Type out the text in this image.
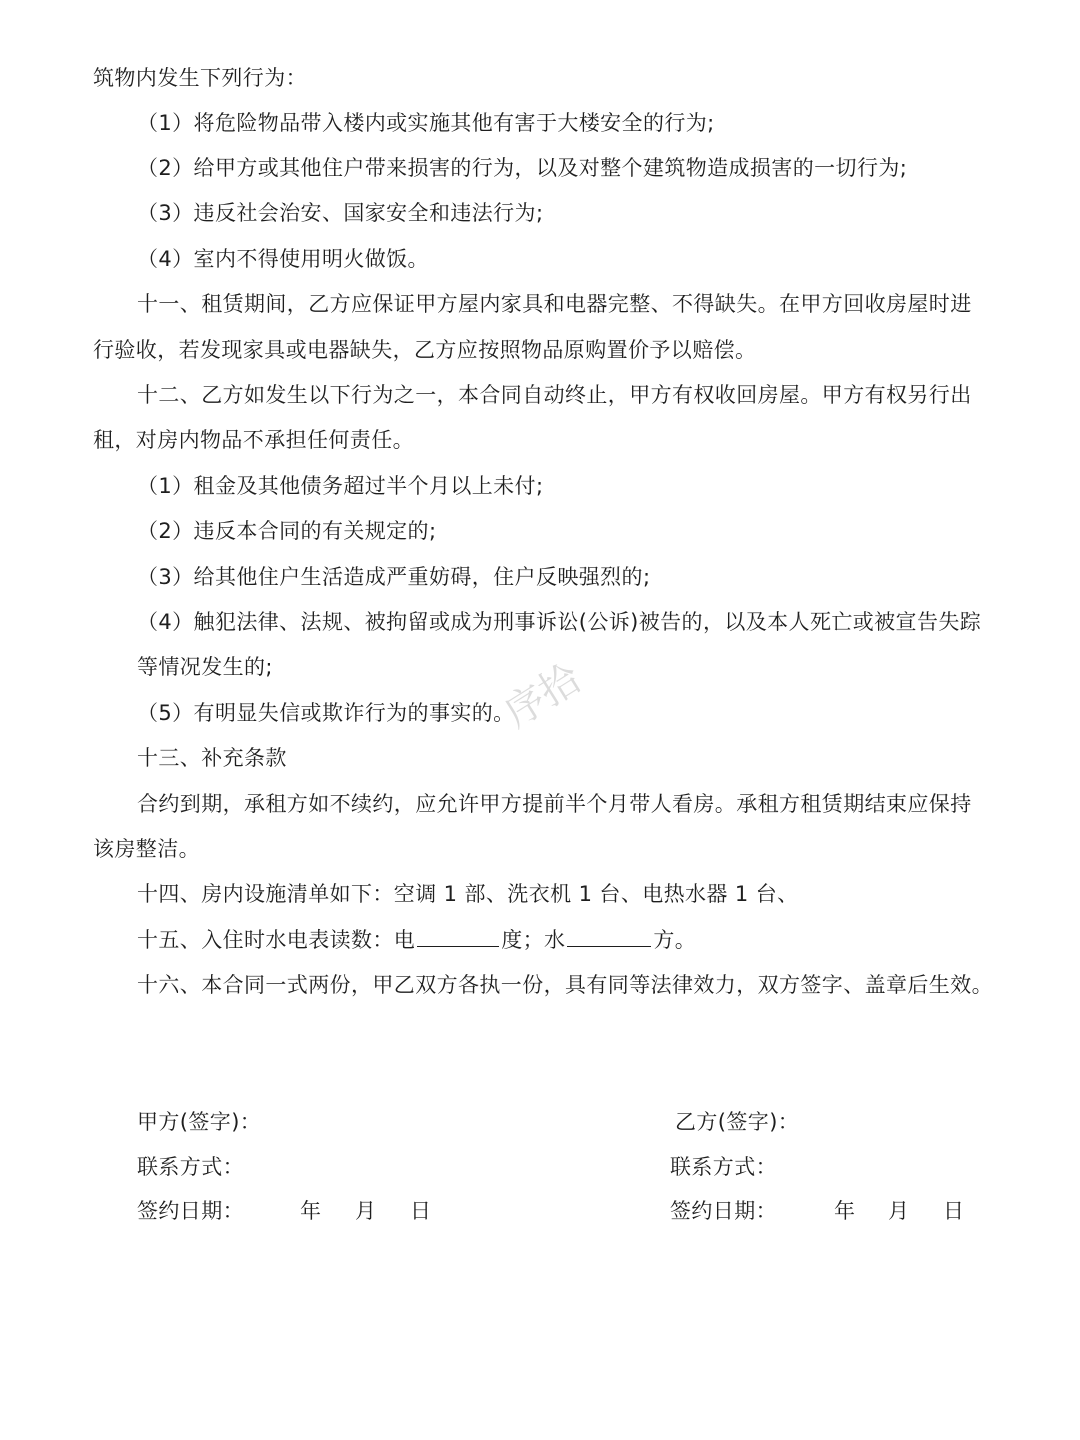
筑物内发生下列行为：
（1）将危险物品带入楼内或实施其他有害于大楼安全的行为;
（2）给甲方或其他住户带来损害的行为，以及对整个建筑物造成损害的一切行为;
（3）违反社会治安、国家安全和违法行为;
（4）室内不得使用明火做饭。
十一、租赁期间，乙方应保证甲方屋内家具和电器完整、不得缺失。在甲方回收房屋时进
行验收，若发现家具或电器缺失，乙方应按照物品原购置价予以赔偿。
十二、乙方如发生以下行为之一，本合同自动终止，甲方有权收回房屋。甲方有权另行出
租，对房内物品不承担任何责任。
（1）租金及其他债务超过半个月以上未付;
（2）违反本合同的有关规定的;
（3）给其他住户生活造成严重妨碍，住户反映强烈的;
（4）触犯法律、法规、被拘留或成为刑事诉讼(公诉)被告的，以及本人死亡或被宣告失踪
等情况发生的;
（5）有明显失信或欺诈行为的事实的。
十三、补充条款
合约到期，承租方如不续约，应允许甲方提前半个月带人看房。承租方租赁期结束应保持
该房整洁。
十四、房内设施清单如下：空调 1 部、洗衣机 1 台、电热水器 1 台、
十五、入住时水电表读数：电	度；水	方。
十六、本合同一式两份，甲乙双方各执一份，具有同等法律效力，双方签字、盖章后生效。
甲方(签字)：	乙方(签字)：
联系方式：	联系方式：
签约日期：	年 月 日	签约日期：	年 月 日
序拾
